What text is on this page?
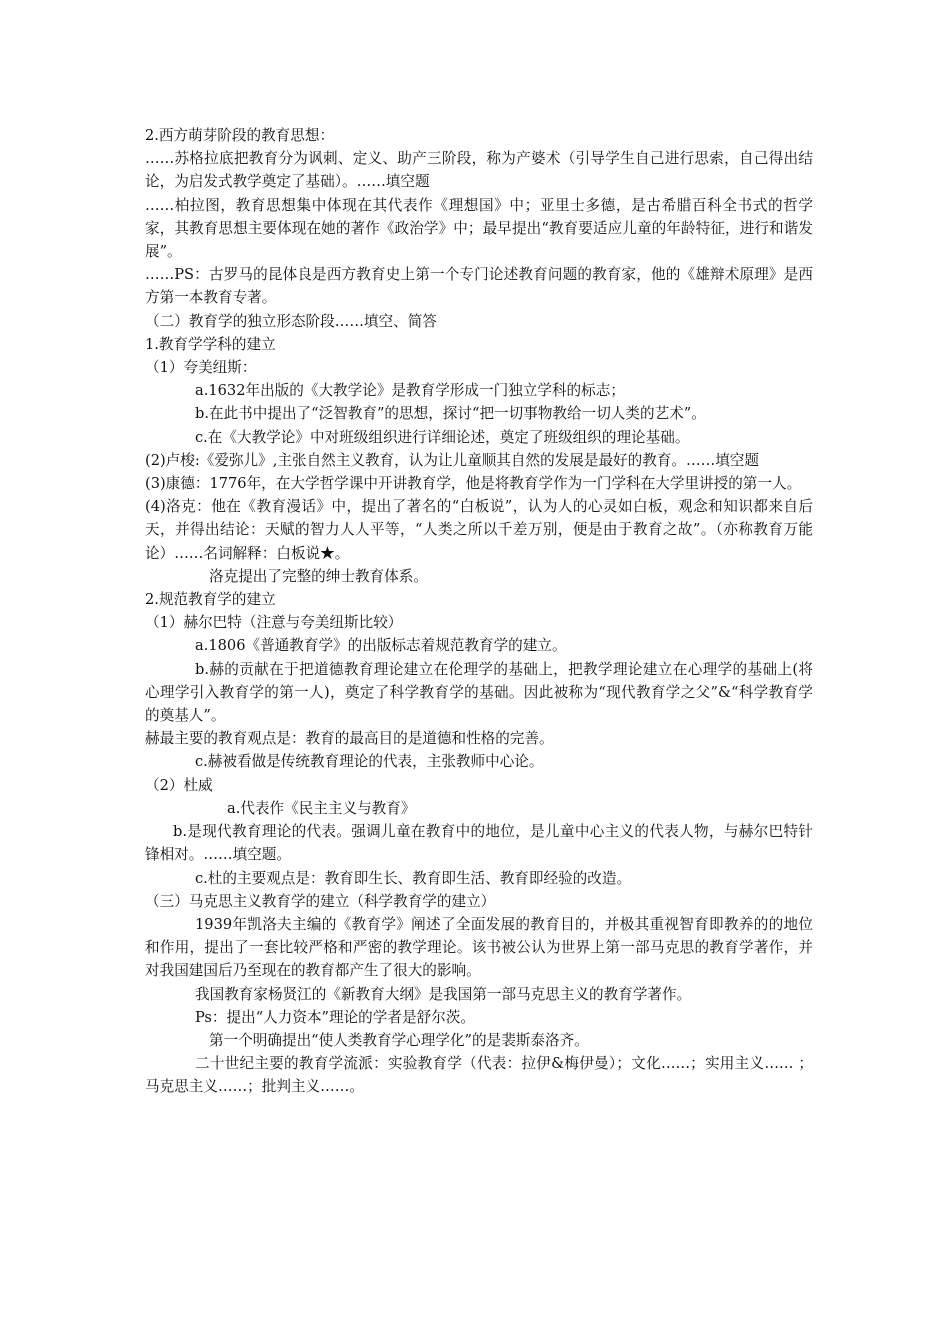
2.西方萌芽阶段的教育思想：

……苏格拉底把教育分为讽刺、定义、助产三阶段，称为产婆术（引导学生自己进行思索，自己得出结论，为启发式教学奠定了基础）。……填空题

……柏拉图，教育思想集中体现在其代表作《理想国》中；亚里士多德，是古希腊百科全书式的哲学家，其教育思想主要体现在她的著作《政治学》中；最早提出“教育要适应儿童的年龄特征，进行和谐发展”。

……PS：古罗马的昆体良是西方教育史上第一个专门论述教育问题的教育家，他的《雄辩术原理》是西方第一本教育专著。

（二）教育学的独立形态阶段……填空、简答

1.教育学学科的建立

（1）夸美纽斯：

a.1632年出版的《大教学论》是教育学形成一门独立学科的标志；

b.在此书中提出了“泛智教育”的思想，探讨“把一切事物教给一切人类的艺术”。

c.在《大教学论》中对班级组织进行详细论述，奠定了班级组织的理论基础。

(2)卢梭:《爱弥儿》,主张自然主义教育，认为让儿童顺其自然的发展是最好的教育。……填空题

(3)康德：1776年，在大学哲学课中开讲教育学，他是将教育学作为一门学科在大学里讲授的第一人。

(4)洛克：他在《教育漫话》中，提出了著名的“白板说”，认为人的心灵如白板，观念和知识都来自后天，并得出结论：天赋的智力人人平等，“人类之所以千差万别，便是由于教育之故”。（亦称教育万能论）……名词解释：白板说★。

洛克提出了完整的绅士教育体系。

2.规范教育学的建立

（1）赫尔巴特（注意与夸美纽斯比较）

a.1806《普通教育学》的出版标志着规范教育学的建立。

b.赫的贡献在于把道德教育理论建立在伦理学的基础上，把教学理论建立在心理学的基础上(将心理学引入教育学的第一人)，奠定了科学教育学的基础。因此被称为“现代教育学之父”&“科学教育学的奠基人”。

赫最主要的教育观点是：教育的最高目的是道德和性格的完善。

c.赫被看做是传统教育理论的代表，主张教师中心论。

（2）杜威

a.代表作《民主主义与教育》

b.是现代教育理论的代表。强调儿童在教育中的地位，是儿童中心主义的代表人物，与赫尔巴特针锋相对。……填空题。

c.杜的主要观点是：教育即生长、教育即生活、教育即经验的改造。

（三）马克思主义教育学的建立（科学教育学的建立）

1939年凯洛夫主编的《教育学》阐述了全面发展的教育目的，并极其重视智育即教养的的地位和作用，提出了一套比较严格和严密的教学理论。该书被公认为世界上第一部马克思的教育学著作，并对我国建国后乃至现在的教育都产生了很大的影响。

我国教育家杨贤江的《新教育大纲》是我国第一部马克思主义的教育学著作。

Ps：提出“人力资本”理论的学者是舒尔茨。

第一个明确提出“使人类教育学心理学化”的是裴斯泰洛齐。

二十世纪主要的教育学流派：实验教育学（代表：拉伊&梅伊曼）；文化……；实用主义…… ；马克思主义……；批判主义……。
